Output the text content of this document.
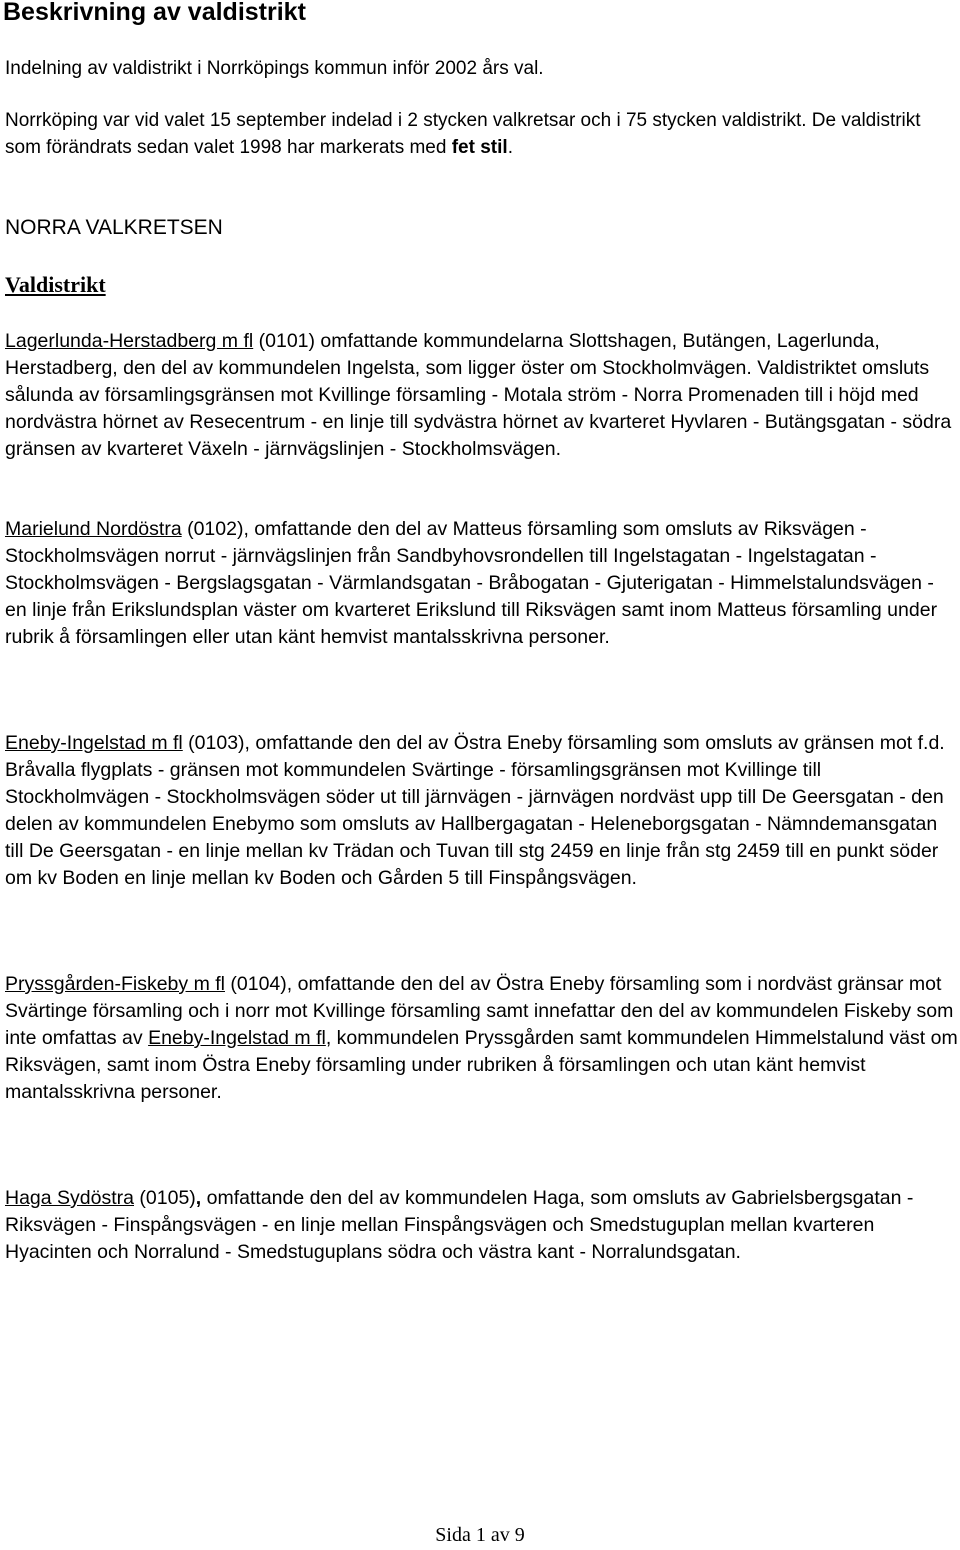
Beskrivning av valdistrikt

Indelning av valdistrikt i Norrköpings kommun inför 2002 års val.

Norrköping var vid valet 15 september indelad i 2 stycken valkretsar och i 75 stycken valdistrikt. De valdistrikt som förändrats sedan valet 1998 har markerats med fet stil.

NORRA VALKRETSEN
Valdistrikt

Lagerlunda-Herstadberg m fl (0101) omfattande kommundelarna Slottshagen, Butängen, Lagerlunda, Herstadberg, den del av kommundelen Ingelsta, som ligger öster om Stockholmvägen. Valdistriktet omsluts sålunda av församlingsgränsen mot Kvillinge församling - Motala ström - Norra Promenaden till i höjd med nordvästra hörnet av Resecentrum - en linje till sydvästra hörnet av kvarteret Hyvlaren - Butängsgatan - södra gränsen av kvarteret Växeln - järnvägslinjen - Stockholmsvägen.

Marielund Nordöstra (0102), omfattande den del av Matteus församling som omsluts av Riksvägen - Stockholmsvägen norrut - järnvägslinjen från Sandbyhovsrondellen till Ingelstagatan - Ingelstagatan - Stockholmsvägen - Bergslagsgatan - Värmlandsgatan - Bråbogatan - Gjuterigatan - Himmelstalundsvägen - en linje från Erikslundsplan väster om kvarteret Erikslund till Riksvägen samt inom Matteus församling under rubrik å församlingen eller utan känt hemvist mantalsskrivna personer.

Eneby-Ingelstad m fl (0103), omfattande den del av Östra Eneby församling som omsluts av gränsen mot f.d. Bråvalla flygplats - gränsen mot kommundelen Svärtinge - församlingsgränsen mot Kvillinge till Stockholmvägen - Stockholmsvägen söder ut till järnvägen - järnvägen nordväst upp till De Geersgatan - den delen av kommundelen Enebymo som omsluts av Hallbergagatan - Heleneborgsgatan - Nämndemansgatan till De Geersgatan - en linje mellan kv Trädan och Tuvan till stg 2459 en linje från stg 2459 till en punkt söder om kv Boden en linje mellan kv Boden och Gården 5 till Finspångsvägen.

Pryssgården-Fiskeby m fl (0104), omfattande den del av Östra Eneby församling som i nordväst gränsar mot Svärtinge församling och i norr mot Kvillinge församling samt innefattar den del av kommundelen Fiskeby som inte omfattas av Eneby-Ingelstad m fl, kommundelen Pryssgården samt kommundelen Himmelstalund väst om Riksvägen, samt inom Östra Eneby församling under rubriken å församlingen och utan känt hemvist mantalsskrivna personer.

Haga Sydöstra (0105), omfattande den del av kommundelen Haga, som omsluts av Gabrielsbergsgatan - Riksvägen - Finspångsvägen - en linje mellan Finspångsvägen och Smedstuguplan mellan kvarteren Hyacinten och Norralund - Smedstuguplans södra och västra kant - Norralundsgatan.

Sida 1 av 9
